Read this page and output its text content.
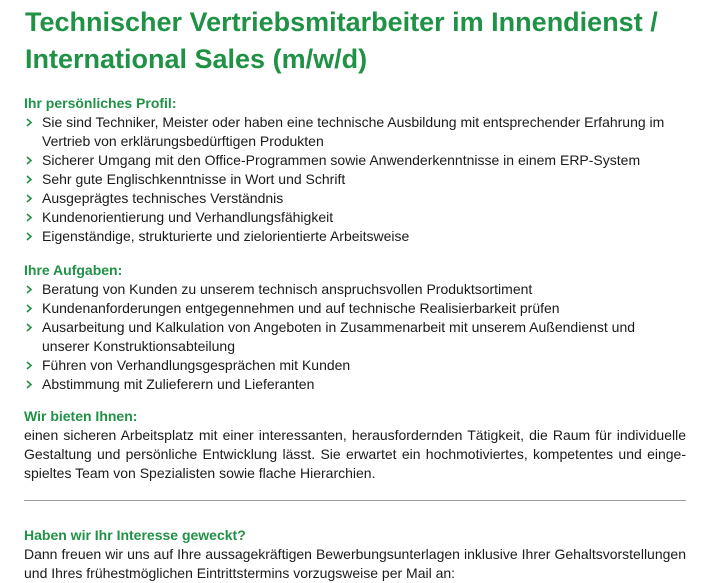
Technischer Vertriebsmitarbeiter im Innendienst / International Sales (m/w/d)
Ihr persönliches Profil:
Sie sind Techniker, Meister oder haben eine technische Ausbildung mit entsprechender Erfahrung im Vertrieb von erklärungsbedürftigen Produkten
Sicherer Umgang mit den Office-Programmen sowie Anwenderkenntnisse in einem ERP-System
Sehr gute Englischkenntnisse in Wort und Schrift
Ausgeprägtes technisches Verständnis
Kundenorientierung und Verhandlungsfähigkeit
Eigenständige, strukturierte und zielorientierte Arbeitsweise
Ihre Aufgaben:
Beratung von Kunden zu unserem technisch anspruchsvollen Produktsortiment
Kundenanforderungen entgegennehmen und auf technische Realisierbarkeit prüfen
Ausarbeitung und Kalkulation von Angeboten in Zusammenarbeit mit unserem Außendienst und unserer Konstruktionsabteilung
Führen von Verhandlungsgesprächen mit Kunden
Abstimmung mit Zulieferern und Lieferanten
Wir bieten Ihnen:

einen sicheren Arbeitsplatz mit einer interessanten, herausfordernden Tätigkeit, die Raum für individuelle Gestaltung und persönliche Entwicklung lässt. Sie erwartet ein hochmotiviertes, kompetentes und eingespieltes Team von Spezialisten sowie flache Hierarchien.

Haben wir Ihr Interesse geweckt?

Dann freuen wir uns auf Ihre aussagekräftigen Bewerbungsunterlagen inklusive Ihrer Gehaltsvorstellungen und Ihres frühestmöglichen Eintrittstermins vorzugsweise per Mail an:
